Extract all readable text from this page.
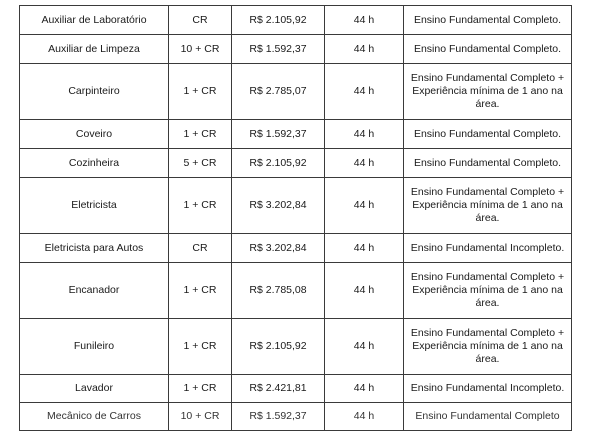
Auxiliar de Laboratório	CR	R$ 2.105,92	44 h	Ensino Fundamental Completo.
Auxiliar de Limpeza	10 + CR	R$ 1.592,37	44 h	Ensino Fundamental Completo.
Carpinteiro	1 + CR	R$ 2.785,07	44 h	Ensino Fundamental Completo + Experiência mínima de 1 ano na área.
Coveiro	1 + CR	R$ 1.592,37	44 h	Ensino Fundamental Completo.
Cozinheira	5 + CR	R$ 2.105,92	44 h	Ensino Fundamental Completo.
Eletricista	1 + CR	R$ 3.202,84	44 h	Ensino Fundamental Completo + Experiência mínima de 1 ano na área.
Eletricista para Autos	CR	R$ 3.202,84	44 h	Ensino Fundamental Incompleto.
Encanador	1 + CR	R$ 2.785,08	44 h	Ensino Fundamental Completo + Experiência mínima de 1 ano na área.
Funileiro	1 + CR	R$ 2.105,92	44 h	Ensino Fundamental Completo + Experiência mínima de 1 ano na área.
Lavador	1 + CR	R$ 2.421,81	44 h	Ensino Fundamental Incompleto.
Mecânico de Carros	10 + CR	R$ 1.592,37	44 h	Ensino Fundamental Completo
